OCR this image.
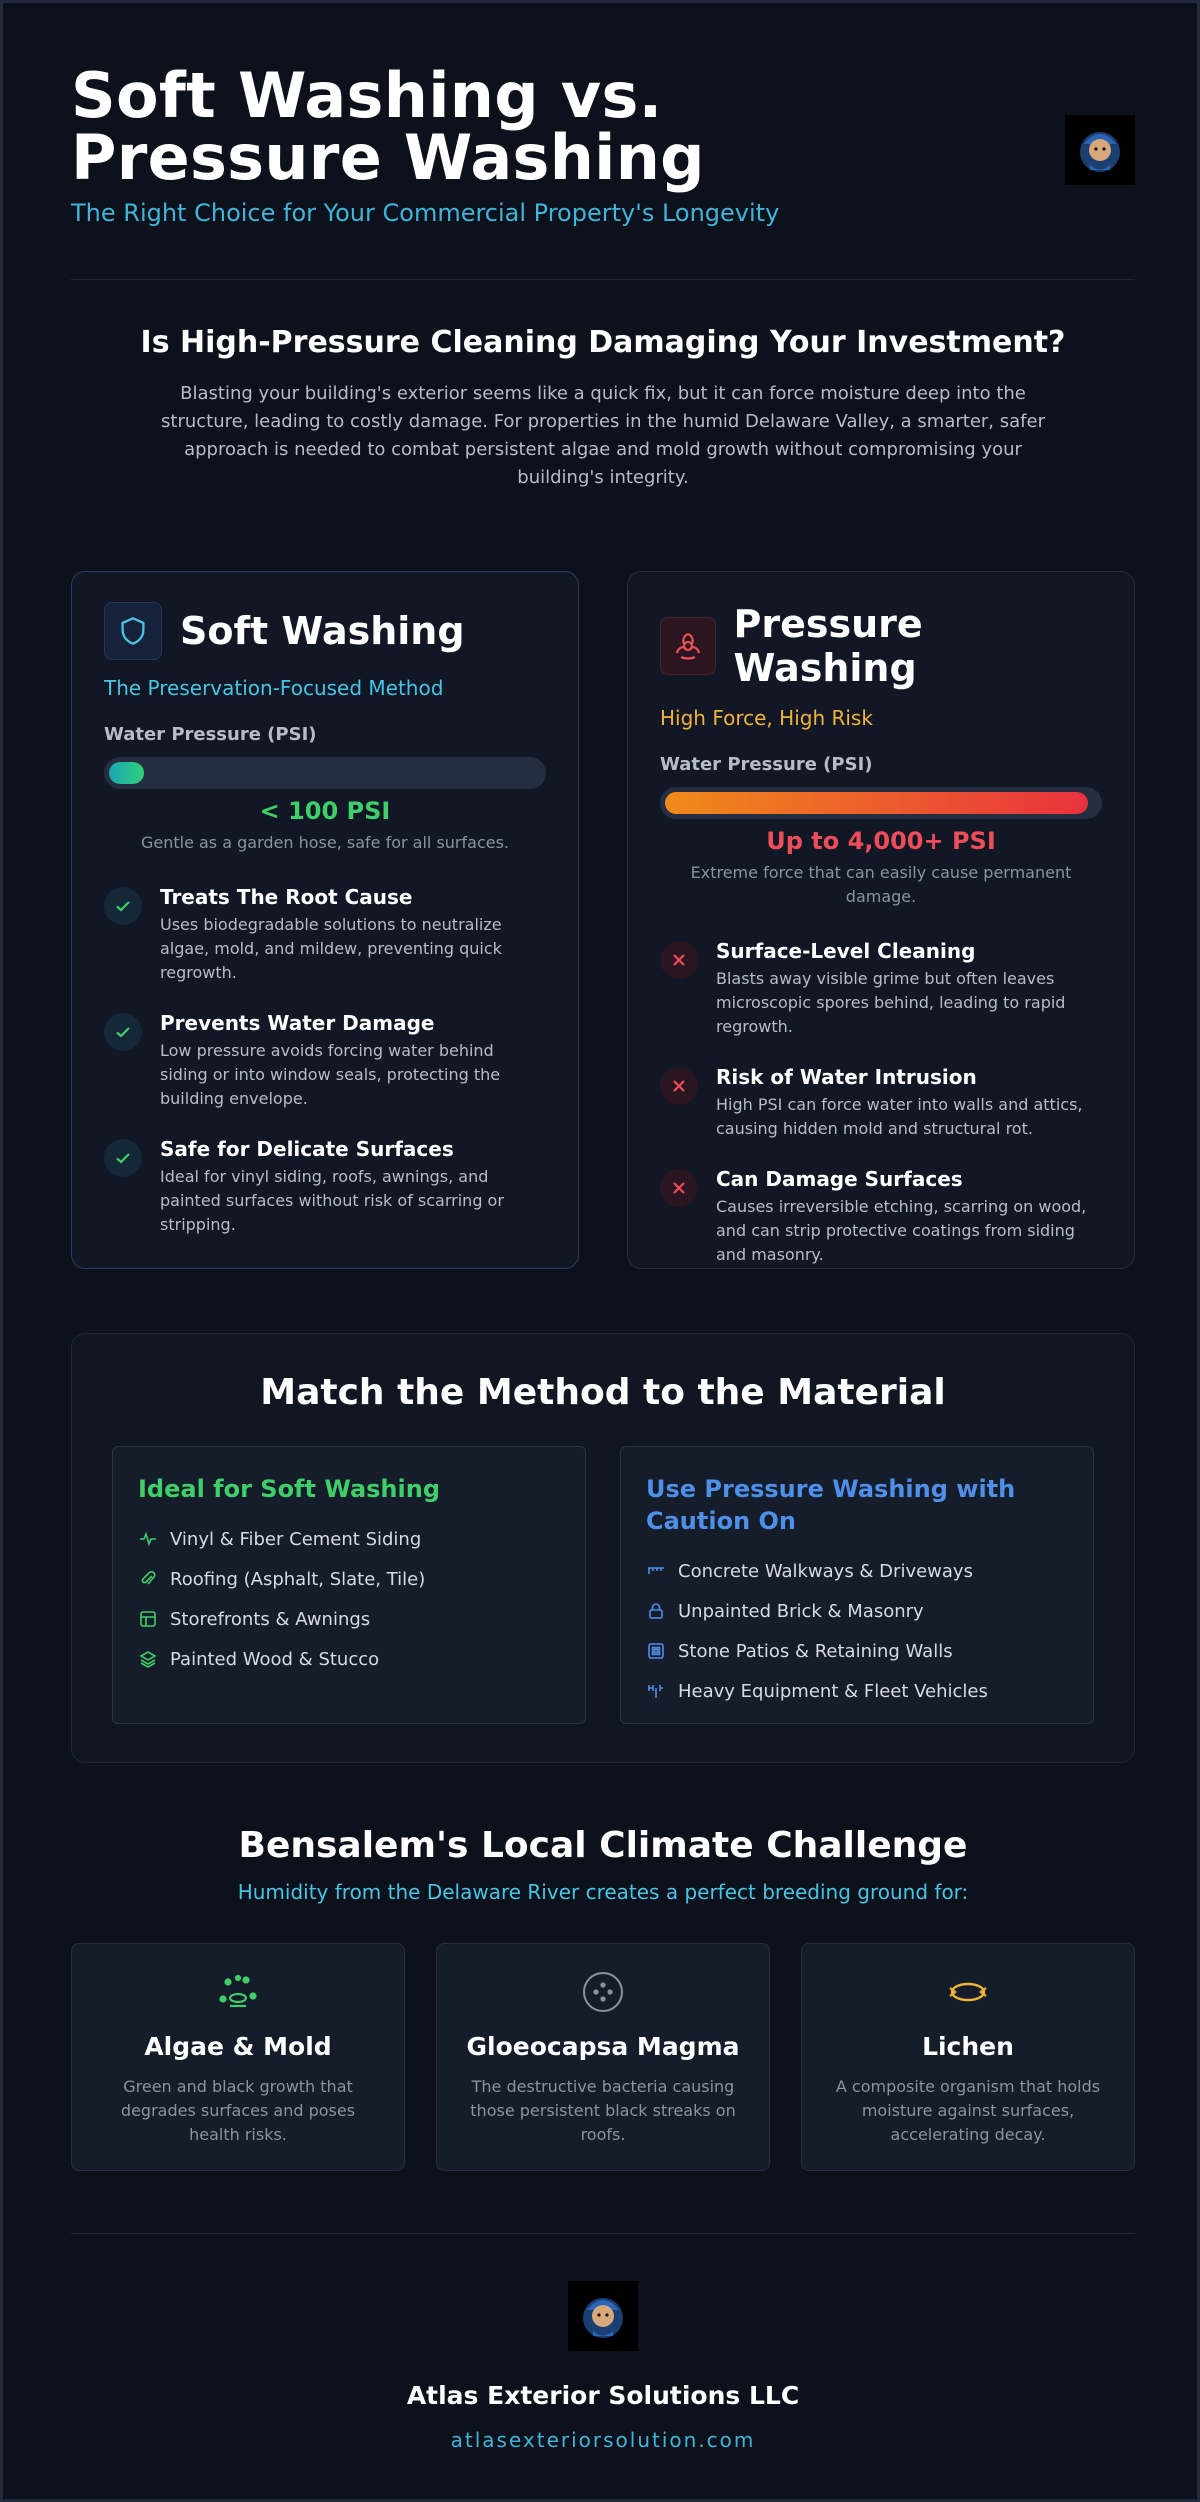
Soft Washing vs. Pressure Washing
The Right Choice for Your Commercial Property's Longevity
Is High-Pressure Cleaning Damaging Your Investment?

Blasting your building's exterior seems like a quick fix, but it can force moisture deep into the structure, leading to costly damage. For properties in the humid Delaware Valley, a smarter, safer approach is needed to combat persistent algae and mold growth without compromising your building's integrity.

Soft Washing
The Preservation-Focused Method
Water Pressure (PSI)
< 100 PSI
Gentle as a garden hose, safe for all surfaces.
Treats The Root Cause
Uses biodegradable solutions to neutralize algae, mold, and mildew, preventing quick regrowth.
Prevents Water Damage
Low pressure avoids forcing water behind siding or into window seals, protecting the building envelope.
Safe for Delicate Surfaces
Ideal for vinyl siding, roofs, awnings, and painted surfaces without risk of scarring or stripping.
Pressure Washing
High Force, High Risk
Water Pressure (PSI)
Up to 4,000+ PSI
Extreme force that can easily cause permanent damage.
Surface-Level Cleaning
Blasts away visible grime but often leaves microscopic spores behind, leading to rapid regrowth.
Risk of Water Intrusion
High PSI can force water into walls and attics, causing hidden mold and structural rot.
Can Damage Surfaces
Causes irreversible etching, scarring on wood, and can strip protective coatings from siding and masonry.
Match the Method to the Material
Ideal for Soft Washing
Vinyl & Fiber Cement Siding
Roofing (Asphalt, Slate, Tile)
Storefronts & Awnings
Painted Wood & Stucco
Use Pressure Washing with Caution On
Concrete Walkways & Driveways
Unpainted Brick & Masonry
Stone Patios & Retaining Walls
Heavy Equipment & Fleet Vehicles
Bensalem's Local Climate Challenge
Humidity from the Delaware River creates a perfect breeding ground for:
Algae & Mold
Green and black growth that degrades surfaces and poses health risks.
Gloeocapsa Magma
The destructive bacteria causing those persistent black streaks on roofs.
Lichen
A composite organism that holds moisture against surfaces, accelerating decay.
Atlas Exterior Solutions LLC
atlasexteriorsolution.com
